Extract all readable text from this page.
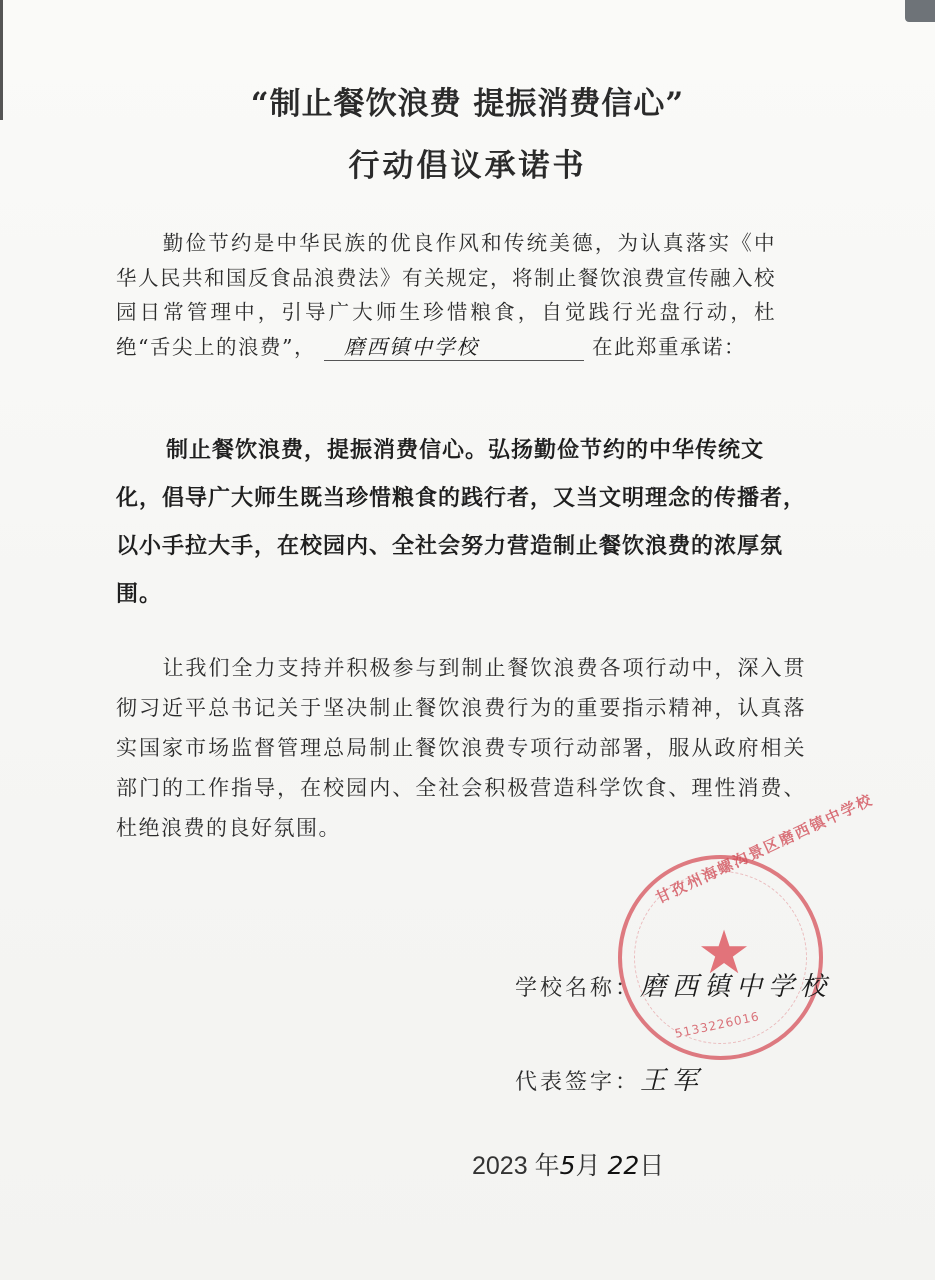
“制止餐饮浪费 提振消费信心”
行动倡议承诺书
勤俭节约是中华民族的优良作风和传统美德，为认真落实《中华人民共和国反食品浪费法》有关规定，将制止餐饮浪费宣传融入校园日常管理中，引导广大师生珍惜粮食，自觉践行光盘行动，杜绝“舌尖上的浪费”， 磨西镇中学校	在此郑重承诺：
制止餐饮浪费，提振消费信心。弘扬勤俭节约的中华传统文化，倡导广大师生既当珍惜粮食的践行者，又当文明理念的传播者，以小手拉大手，在校园内、全社会努力营造制止餐饮浪费的浓厚氛围。
让我们全力支持并积极参与到制止餐饮浪费各项行动中，深入贯彻习近平总书记关于坚决制止餐饮浪费行为的重要指示精神，认真落实国家市场监督管理总局制止餐饮浪费专项行动部署，服从政府相关部门的工作指导，在校园内、全社会积极营造科学饮食、理性消费、杜绝浪费的良好氛围。	甘孜州海螺沟景区磨西镇中学校
★
5133226016
学校名称：磨西镇中学校
代表签字：王军
2023 年5月 22日
